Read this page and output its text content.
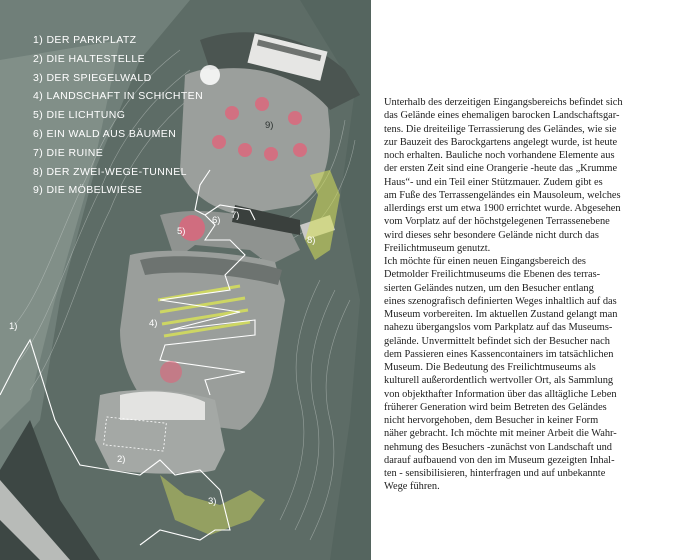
1) DER PARKPLATZ
2) DIE HALTESTELLE
3) DER SPIEGELWALD
4) LANDSCHAFT IN SCHICHTEN
5) DIE LICHTUNG
6) EIN WALD AUS BÄUMEN
7) DIE RUINE
8) DER ZWEI-WEGE-TUNNEL
9) DIE MÖBELWIESE
1)
2)
3)
4)
5)
6) 7)
8)
9)

Unterhalb des derzeitigen Eingangsbereichs befindet sich

das Gelände eines ehemaligen barocken Landschaftsgar-

tens. Die dreiteilige Terrassierung des Geländes, wie sie

zur Bauzeit des Barockgartens angelegt wurde, ist heute

noch erhalten. Bauliche noch vorhandene Elemente aus

der ersten Zeit sind eine Orangerie -heute das „Krumme

Haus“- und ein Teil einer Stützmauer. Zudem gibt es

am Fuße des Terrassengeländes ein Mausoleum, welches

allerdings erst um etwa 1900 errichtet wurde. Abgesehen

vom Vorplatz auf der höchstgelegenen Terrassenebene

wird dieses sehr besondere Gelände nicht durch das

Freilichtmuseum genutzt.

Ich möchte für einen neuen Eingangsbereich des

Detmolder Freilichtmuseums die Ebenen des terras-

sierten Geländes nutzen, um den Besucher entlang

eines szenografisch definierten Weges inhaltlich auf das

Museum vorbereiten. Im aktuellen Zustand gelangt man

nahezu übergangslos vom Parkplatz auf das Museums-

gelände. Unvermittelt befindet sich der Besucher nach

dem Passieren eines Kassencontainers im tatsächlichen

Museum. Die Bedeutung des Freilichtmuseums als

kulturell außerordentlich wertvoller Ort, als Sammlung

von objekthafter Information über das alltägliche Leben

früherer Generation wird beim Betreten des Geländes

nicht hervorgehoben, dem Besucher in keiner Form

näher gebracht. Ich möchte mit meiner Arbeit die Wahr-

nehmung des Besuchers -zunächst von Landschaft und

darauf aufbauend von den im Museum gezeigten Inhal-

ten - sensibilisieren, hinterfragen und auf unbekannte

Wege führen.
